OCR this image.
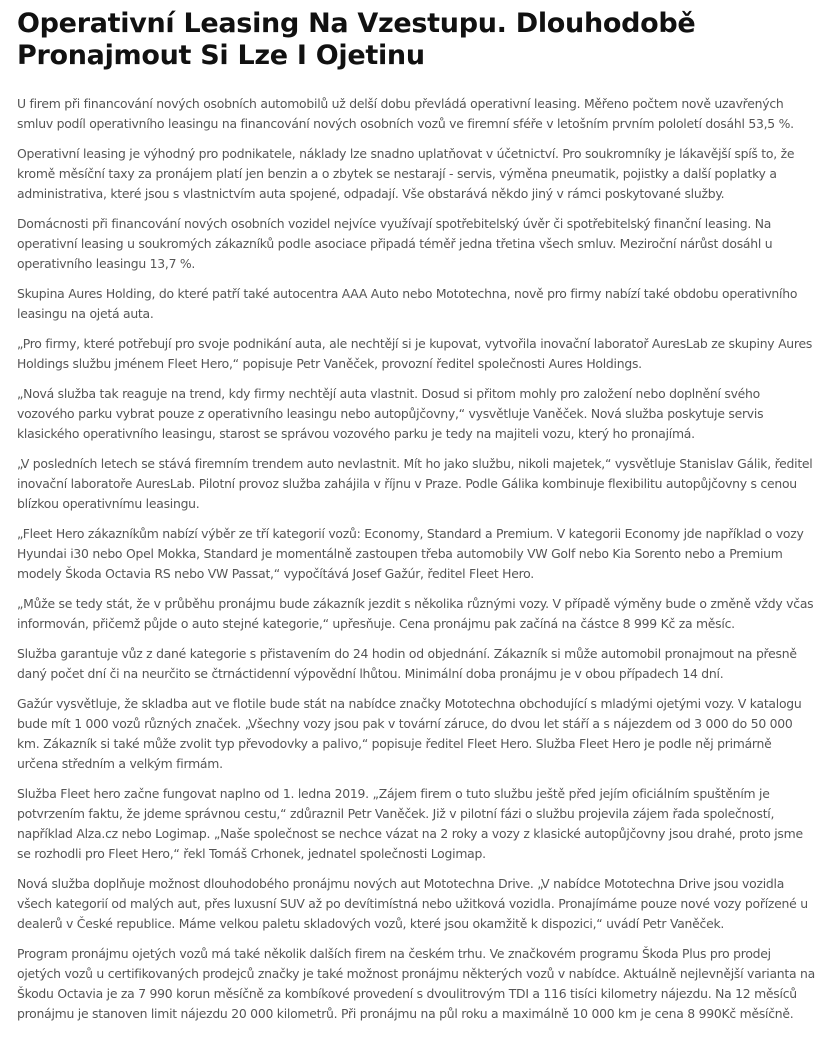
Operativní Leasing Na Vzestupu. Dlouhodobě Pronajmout Si Lze I Ojetinu

U firem při financování nových osobních automobilů už delší dobu převládá operativní leasing. Měřeno počtem nově uzavřených smluv podíl operativního leasingu na financování nových osobních vozů ve firemní sféře v letošním prvním pololetí dosáhl 53,5 %.

Operativní leasing je výhodný pro podnikatele, náklady lze snadno uplatňovat v účetnictví. Pro soukromníky je lákavější spíš to, že kromě měsíční taxy za pronájem platí jen benzin a o zbytek se nestarají - servis, výměna pneumatik, pojistky a další poplatky a administrativa, které jsou s vlastnictvím auta spojené, odpadají. Vše obstarává někdo jiný v rámci poskytované služby.

Domácnosti při financování nových osobních vozidel nejvíce využívají spotřebitelský úvěr či spotřebitelský finanční leasing. Na operativní leasing u soukromých zákazníků podle asociace připadá téměř jedna třetina všech smluv. Meziroční nárůst dosáhl u operativního leasingu 13,7 %.

Skupina Aures Holding, do které patří také autocentra AAA Auto nebo Mototechna, nově pro firmy nabízí také obdobu operativního leasingu na ojetá auta.

„Pro firmy, které potřebují pro svoje podnikání auta, ale nechtějí si je kupovat, vytvořila inovační laboratoř AuresLab ze skupiny Aures Holdings službu jménem Fleet Hero,“ popisuje Petr Vaněček, provozní ředitel společnosti Aures Holdings.

„Nová služba tak reaguje na trend, kdy firmy nechtějí auta vlastnit. Dosud si přitom mohly pro založení nebo doplnění svého vozového parku vybrat pouze z operativního leasingu nebo autopůjčovny,“ vysvětluje Vaněček. Nová služba poskytuje servis klasického operativního leasingu, starost se správou vozového parku je tedy na majiteli vozu, který ho pronajímá.

„V posledních letech se stává firemním trendem auto nevlastnit. Mít ho jako službu, nikoli majetek,“ vysvětluje Stanislav Gálik, ředitel inovační laboratoře AuresLab. Pilotní provoz služba zahájila v říjnu v Praze. Podle Gálika kombinuje flexibilitu autopůjčovny s cenou blízkou operativnímu leasingu.

„Fleet Hero zákazníkům nabízí výběr ze tří kategorií vozů: Economy, Standard a Premium. V kategorii Economy jde například o vozy Hyundai i30 nebo Opel Mokka, Standard je momentálně zastoupen třeba automobily VW Golf nebo Kia Sorento nebo a Premium modely Škoda Octavia RS nebo VW Passat,“ vypočítává Josef Gažúr, ředitel Fleet Hero.

„Může se tedy stát, že v průběhu pronájmu bude zákazník jezdit s několika různými vozy. V případě výměny bude o změně vždy včas informován, přičemž půjde o auto stejné kategorie,“ upřesňuje. Cena pronájmu pak začíná na částce 8 999 Kč za měsíc.

Služba garantuje vůz z dané kategorie s přistavením do 24 hodin od objednání. Zákazník si může automobil pronajmout na přesně daný počet dní či na neurčito se čtrnáctidenní výpovědní lhůtou. Minimální doba pronájmu je v obou případech 14 dní.

Gažúr vysvětluje, že skladba aut ve flotile bude stát na nabídce značky Mototechna obchodující s mladými ojetými vozy. V katalogu bude mít 1 000 vozů různých značek. „Všechny vozy jsou pak v tovární záruce, do dvou let stáří a s nájezdem od 3 000 do 50 000 km. Zákazník si také může zvolit typ převodovky a palivo,“ popisuje ředitel Fleet Hero. Služba Fleet Hero je podle něj primárně určena středním a velkým firmám.

Služba Fleet hero začne fungovat naplno od 1. ledna 2019. „Zájem firem o tuto službu ještě před jejím oficiálním spuštěním je potvrzením faktu, že jdeme správnou cestu,“ zdůraznil Petr Vaněček. Již v pilotní fázi o službu projevila zájem řada společností, například Alza.cz nebo Logimap. „Naše společnost se nechce vázat na 2 roky a vozy z klasické autopůjčovny jsou drahé, proto jsme se rozhodli pro Fleet Hero,“ řekl Tomáš Crhonek, jednatel společnosti Logimap.

Nová služba doplňuje možnost dlouhodobého pronájmu nových aut Mototechna Drive. „V nabídce Mototechna Drive jsou vozidla všech kategorií od malých aut, přes luxusní SUV až po devítimístná nebo užitková vozidla. Pronajímáme pouze nové vozy pořízené u dealerů v České republice. Máme velkou paletu skladových vozů, které jsou okamžitě k dispozici,“ uvádí Petr Vaněček.

Program pronájmu ojetých vozů má také několik dalších firem na českém trhu. Ve značkovém programu Škoda Plus pro prodej ojetých vozů u certifikovaných prodejců značky je také možnost pronájmu některých vozů v nabídce. Aktuálně nejlevnější varianta na Škodu Octavia je za 7 990 korun měsíčně za kombíkové provedení s dvoulitrovým TDI a 116 tisíci kilometry nájezdu. Na 12 měsíců pronájmu je stanoven limit nájezdu 20 000 kilometrů. Při pronájmu na půl roku a maximálně 10 000 km je cena 8 990Kč měsíčně.
